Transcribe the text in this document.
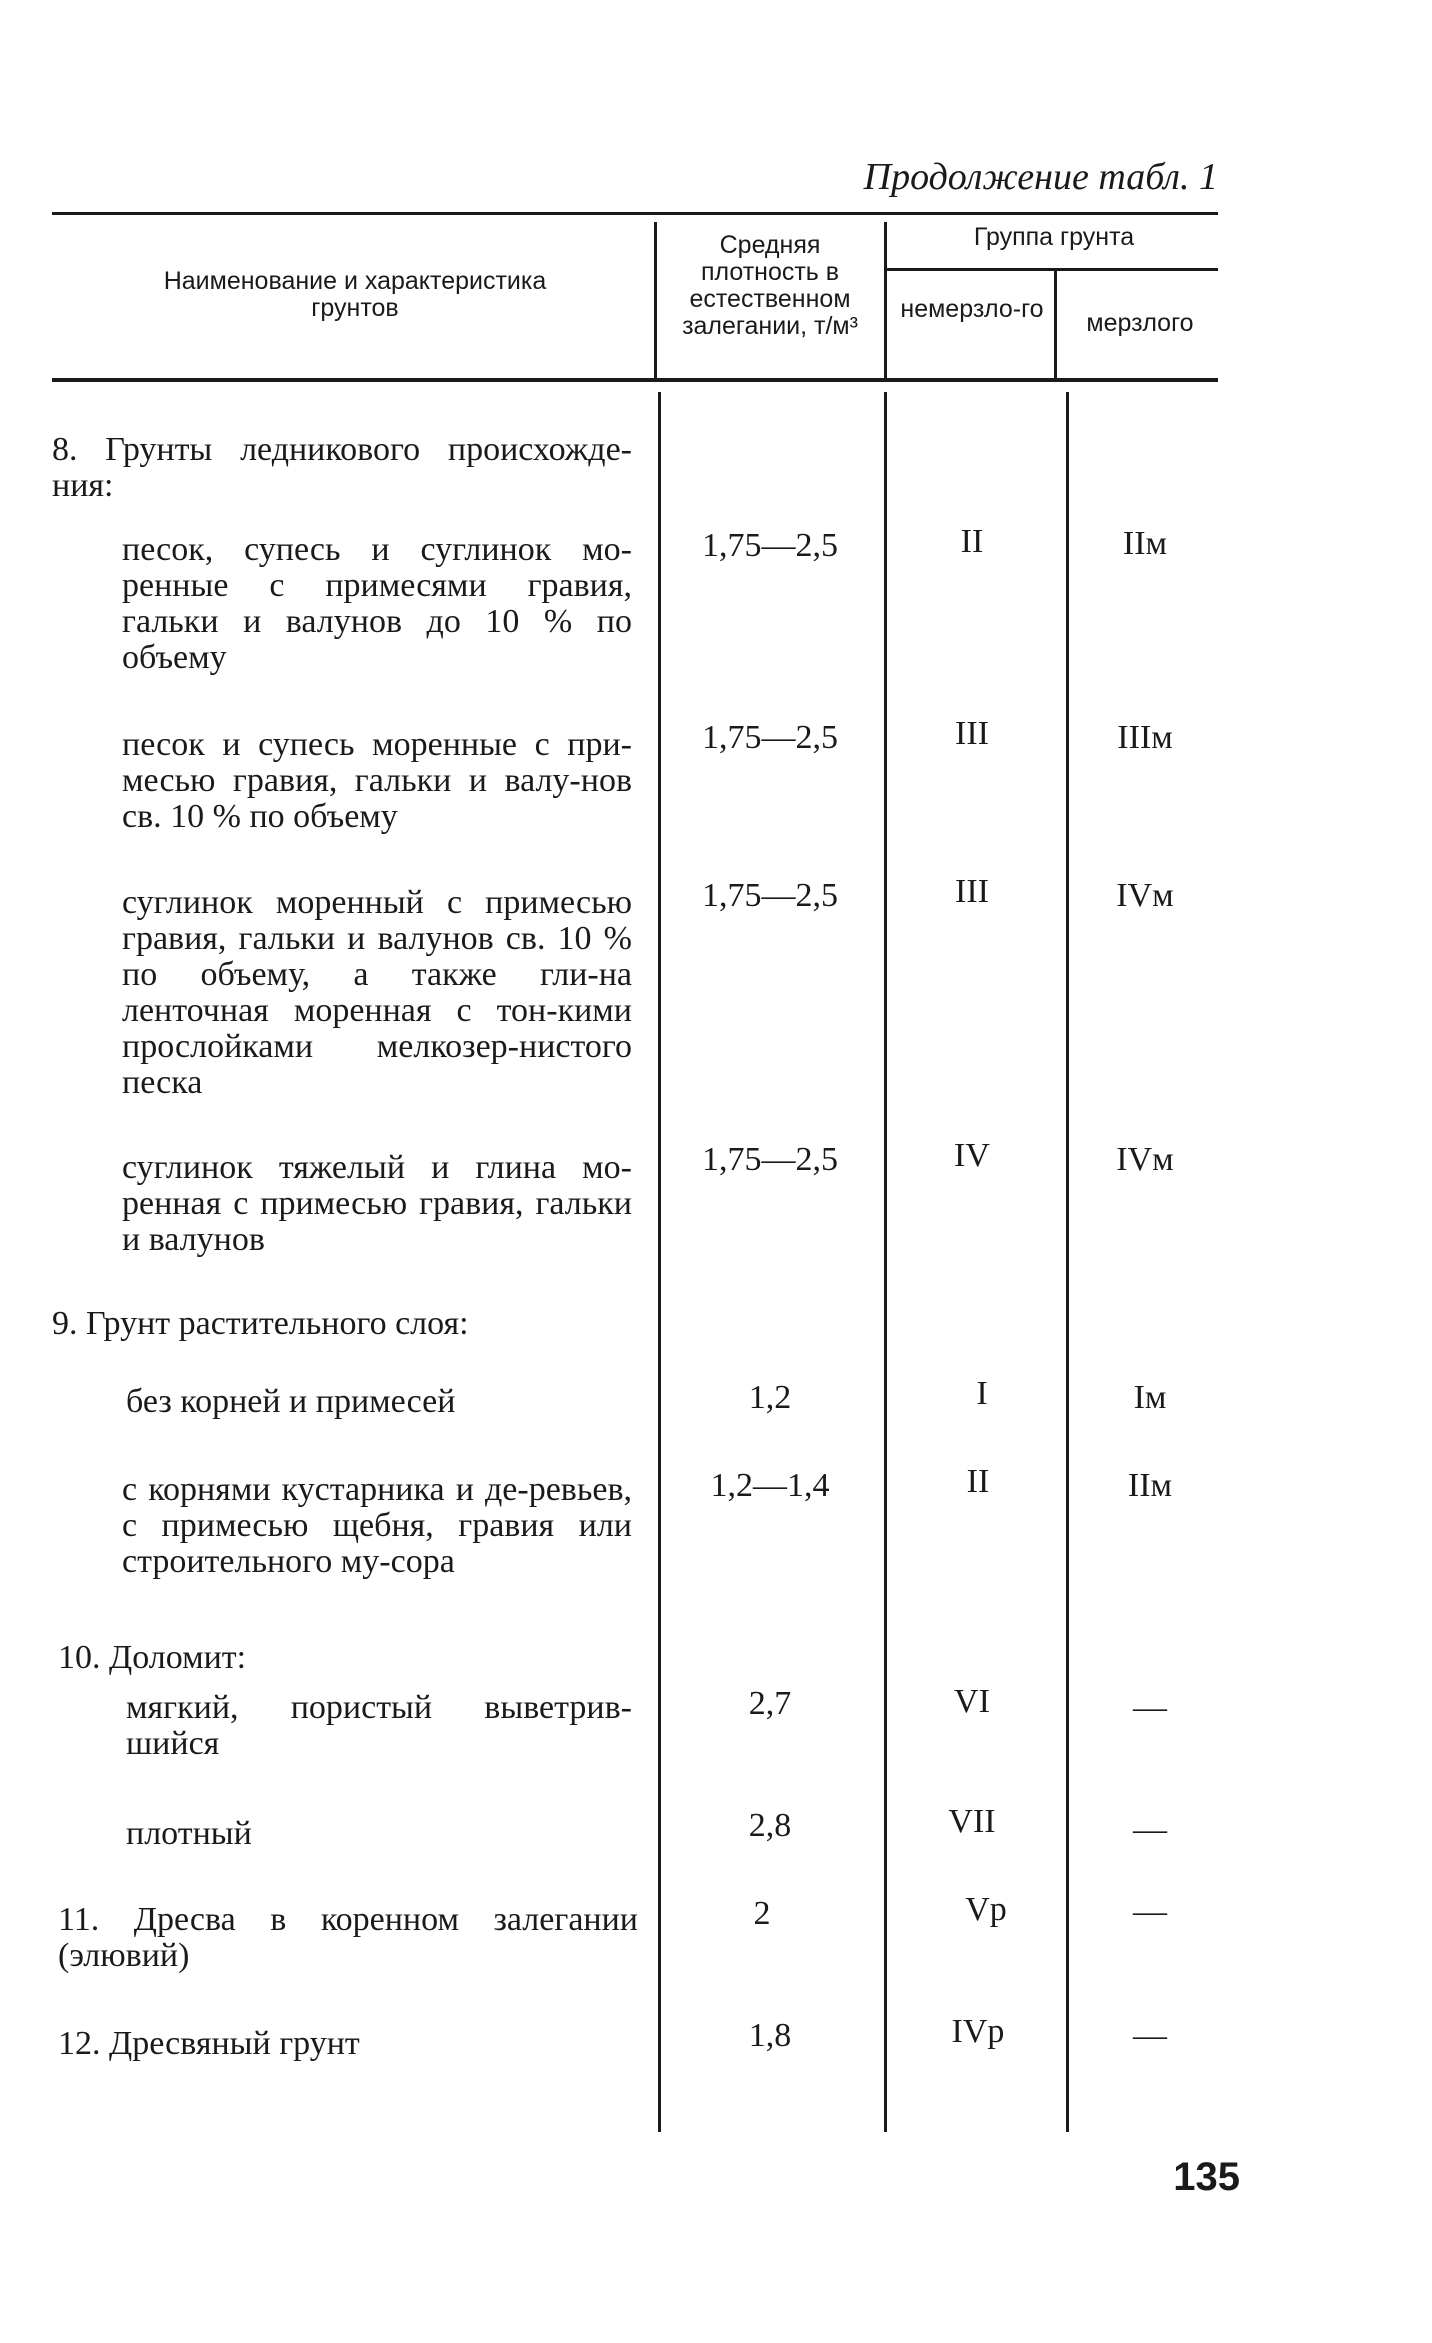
Продолжение табл. 1
Наименование и характеристика грунтов
Средняя плотность в естественном залегании, т/м³
Группа грунта
немерзло-го	мерзлого
8. Грунты ледникового происхожде-ния:
песок, супесь и суглинок мо-ренные с примесями гравия, гальки и валунов до 10 % по объему
песок и супесь моренные с при-месью гравия, гальки и валу-нов св. 10 % по объему
суглинок моренный с примесью гравия, гальки и валунов св. 10 % по объему, а также гли-на ленточная моренная с тон-кими прослойками мелкозер-нистого песка
суглинок тяжелый и глина мо-ренная с примесью гравия, гальки и валунов
9. Грунт растительного слоя:
без корней и примесей
с корнями кустарника и де-ревьев, с примесью щебня, гравия или строительного му-сора
10. Доломит:
мягкий, пористый выветрив-шийся
плотный
11. Дресва в коренном залегании (элювий)
12. Дресвяный грунт
1,75—2,5
1,75—2,5
1,75—2,5
1,75—2,5
1,2
1,2—1,4
2,7
2,8
2
1,8
II
III
III
IV
I
II
VI
VII
Vр
IVр
IIм
IIIм
IVм
IVм
Iм
IIм
—
—
—
—
135
